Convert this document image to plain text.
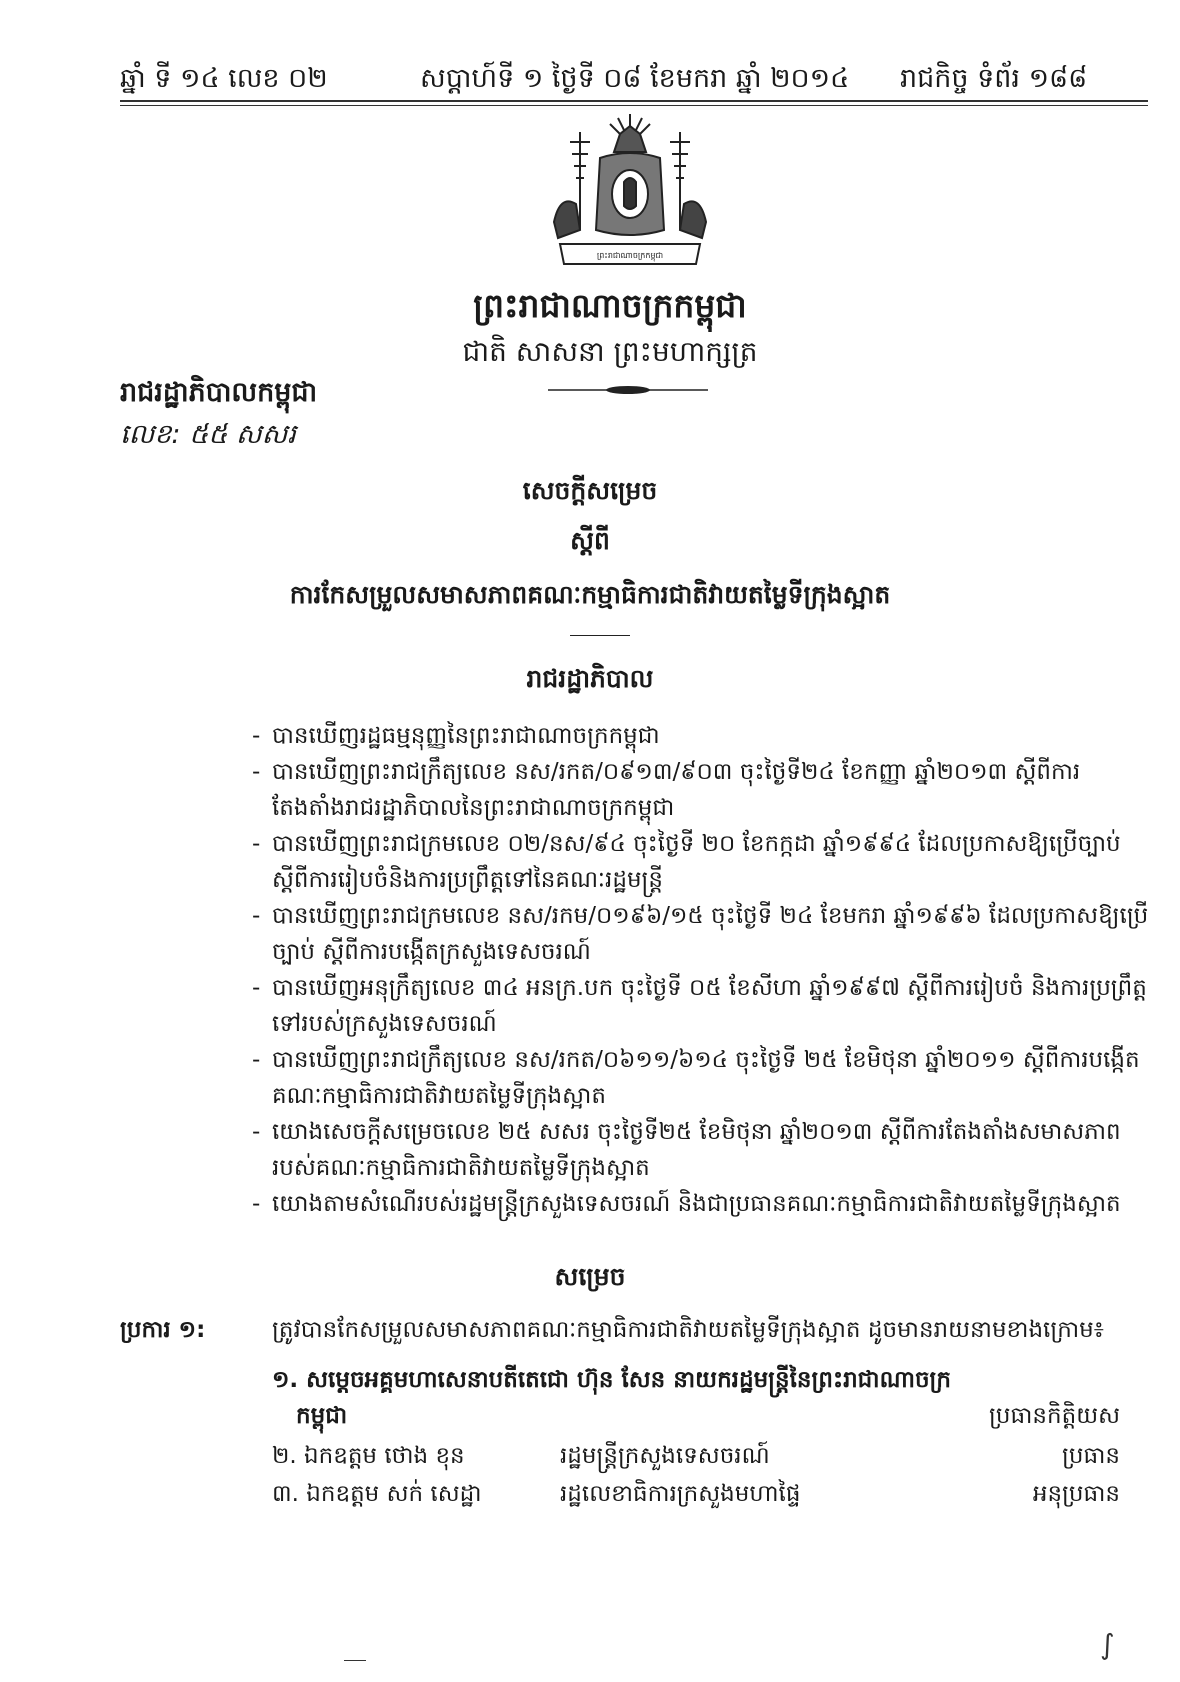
ឆ្នាំ ទី ១៤ លេខ ០២	សប្តាហ៍ទី ១ ថ្ងៃទី ០៨ ខែមករា ឆ្នាំ ២០១៤ រាជកិច្ច ទំព័រ ១៨៨
ព្រះរាជាណាចក្រកម្ពុជា
ព្រះរាជាណាចក្រកម្ពុជា
ជាតិ សាសនា ព្រះមហាក្សត្រ
រាជរដ្ឋាភិបាលកម្ពុជា
លេខ: ៥៥ សសរ
សេចក្តីសម្រេច
ស្តីពី
ការកែសម្រួលសមាសភាពគណៈកម្មាធិការជាតិវាយតម្លៃទីក្រុងស្អាត
រាជរដ្ឋាភិបាល
- បានឃើញរដ្ឋធម្មនុញ្ញនៃព្រះរាជាណាចក្រកម្ពុជា
- បានឃើញព្រះរាជក្រឹត្យលេខ នស/រកត/០៩១៣/៩០៣ ចុះថ្ងៃទី២៤ ខែកញ្ញា ឆ្នាំ២០១៣ ស្តីពីការតែងតាំងរាជរដ្ឋាភិបាលនៃព្រះរាជាណាចក្រកម្ពុជា
- បានឃើញព្រះរាជក្រមលេខ ០២/នស/៩៤ ចុះថ្ងៃទី ២០ ខែកក្កដា ឆ្នាំ១៩៩៤ ដែលប្រកាសឱ្យប្រើច្បាប់ស្តីពីការរៀបចំនិងការប្រព្រឹត្តទៅនៃគណៈរដ្ឋមន្ត្រី
- បានឃើញព្រះរាជក្រមលេខ នស/រកម/០១៩៦/១៥ ចុះថ្ងៃទី ២៤ ខែមករា ឆ្នាំ១៩៩៦ ដែលប្រកាសឱ្យប្រើច្បាប់ ស្តីពីការបង្កើតក្រសួងទេសចរណ៍
- បានឃើញអនុក្រឹត្យលេខ ៣៤ អនក្រ.បក ចុះថ្ងៃទី ០៥ ខែសីហា ឆ្នាំ១៩៩៧ ស្តីពីការរៀបចំ និងការប្រព្រឹត្តទៅរបស់ក្រសួងទេសចរណ៍
- បានឃើញព្រះរាជក្រឹត្យលេខ នស/រកត/០៦១១/៦១៤ ចុះថ្ងៃទី ២៥ ខែមិថុនា ឆ្នាំ២០១១ ស្តីពីការបង្កើតគណៈកម្មាធិការជាតិវាយតម្លៃទីក្រុងស្អាត
- យោងសេចក្តីសម្រេចលេខ ២៥ សសរ ចុះថ្ងៃទី២៥ ខែមិថុនា ឆ្នាំ២០១៣ ស្តីពីការតែងតាំងសមាសភាពរបស់គណៈកម្មាធិការជាតិវាយតម្លៃទីក្រុងស្អាត
- យោងតាមសំណើរបស់រដ្ឋមន្ត្រីក្រសួងទេសចរណ៍ និងជាប្រធានគណៈកម្មាធិការជាតិវាយតម្លៃទីក្រុងស្អាត
សម្រេច
ប្រការ ១:	ត្រូវបានកែសម្រួលសមាសភាពគណៈកម្មាធិការជាតិវាយតម្លៃទីក្រុងស្អាត ដូចមានរាយនាមខាងក្រោម៖
១. សម្តេចអគ្គមហាសេនាបតីតេជោ ហ៊ុន សែន នាយករដ្ឋមន្ត្រីនៃព្រះរាជាណាចក្រ
កម្ពុជា	ប្រធានកិត្តិយស
២. ឯកឧត្តម ថោង ខុន	រដ្ឋមន្ត្រីក្រសួងទេសចរណ៍	ប្រធាន
៣. ឯកឧត្តម សក់ សេដ្ឋា	រដ្ឋលេខាធិការក្រសួងមហាផ្ទៃ	អនុប្រធាន
∫
